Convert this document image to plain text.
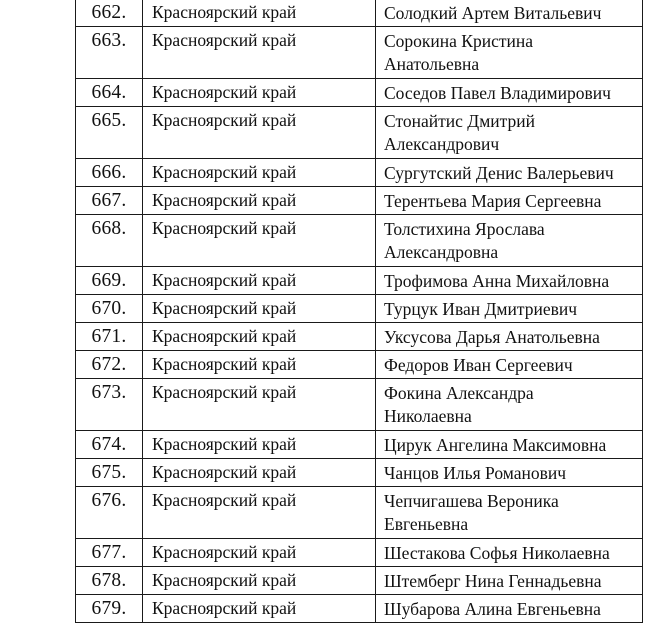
662.	Красноярский край	Солодкий Артем Витальевич

663.	Красноярский край	Сорокина Кристина
Анатольевна

664.	Красноярский край	Соседов Павел Владимирович

665.	Красноярский край	Стонайтис Дмитрий
Александрович

666.	Красноярский край	Сургутский Денис Валерьевич

667.	Красноярский край	Терентьева Мария Сергеевна

668.	Красноярский край	Толстихина Ярослава
Александровна

669.	Красноярский край	Трофимова Анна Михайловна

670.	Красноярский край	Турцук Иван Дмитриевич

671.	Красноярский край	Уксусова Дарья Анатольевна

672.	Красноярский край	Федоров Иван Сергеевич

673.	Красноярский край	Фокина Александра
Николаевна

674.	Красноярский край	Цирук Ангелина Максимовна

675.	Красноярский край	Чанцов Илья Романович

676.	Красноярский край	Чепчигашева Вероника
Евгеньевна

677.	Красноярский край	Шестакова Софья Николаевна

678.	Красноярский край	Штемберг Нина Геннадьевна

679.	Красноярский край	Шубарова Алина Евгеньевна
